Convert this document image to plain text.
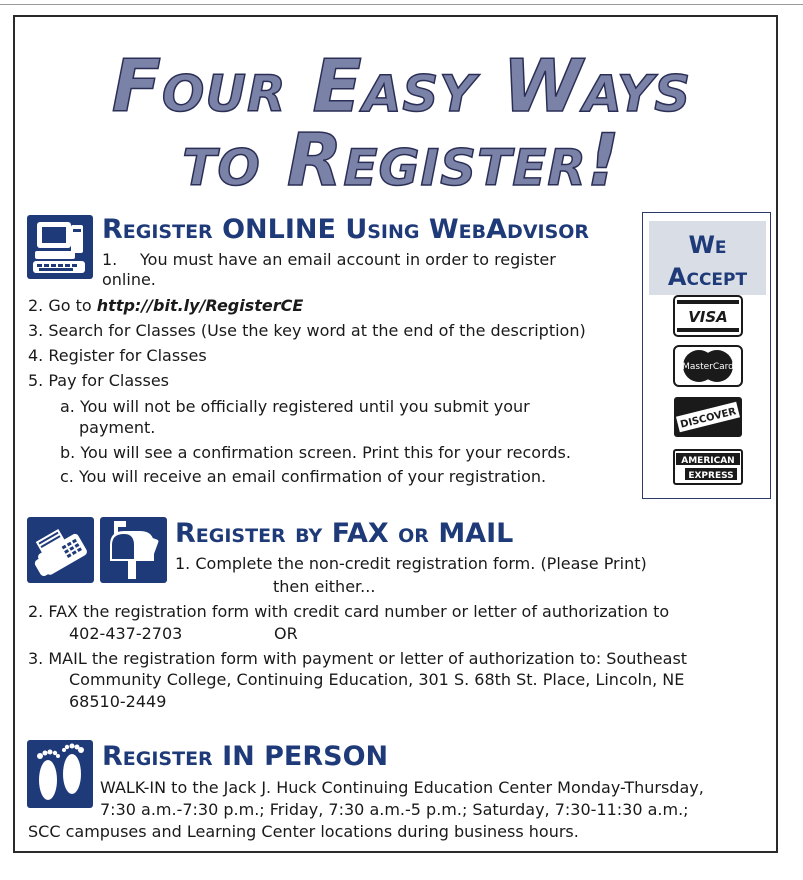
Four Easy Ways
to Register!
Register ONLINE Using WebAdvisor
1. You must have an email account in order to register
online.
2. Go to http://bit.ly/RegisterCE
3. Search for Classes (Use the key word at the end of the description)
4. Register for Classes
5. Pay for Classes
a. You will not be officially registered until you submit your
payment.
b. You will see a confirmation screen. Print this for your records.
c. You will receive an email confirmation of your registration.
We
Accept
VISA
MasterCard
DISCOVER
AMERICAN
EXPRESS
Register by FAX or MAIL
1. Complete the non-credit registration form. (Please Print)
then either...
2. FAX the registration form with credit card number or letter of authorization to
402-437-2703	OR
3. MAIL the registration form with payment or letter of authorization to: Southeast
Community College, Continuing Education, 301 S. 68th St. Place, Lincoln, NE
68510-2449
Register IN PERSON
WALK-IN to the Jack J. Huck Continuing Education Center Monday-Thursday,
7:30 a.m.-7:30 p.m.; Friday, 7:30 a.m.-5 p.m.; Saturday, 7:30-11:30 a.m.;
SCC campuses and Learning Center locations during business hours.
